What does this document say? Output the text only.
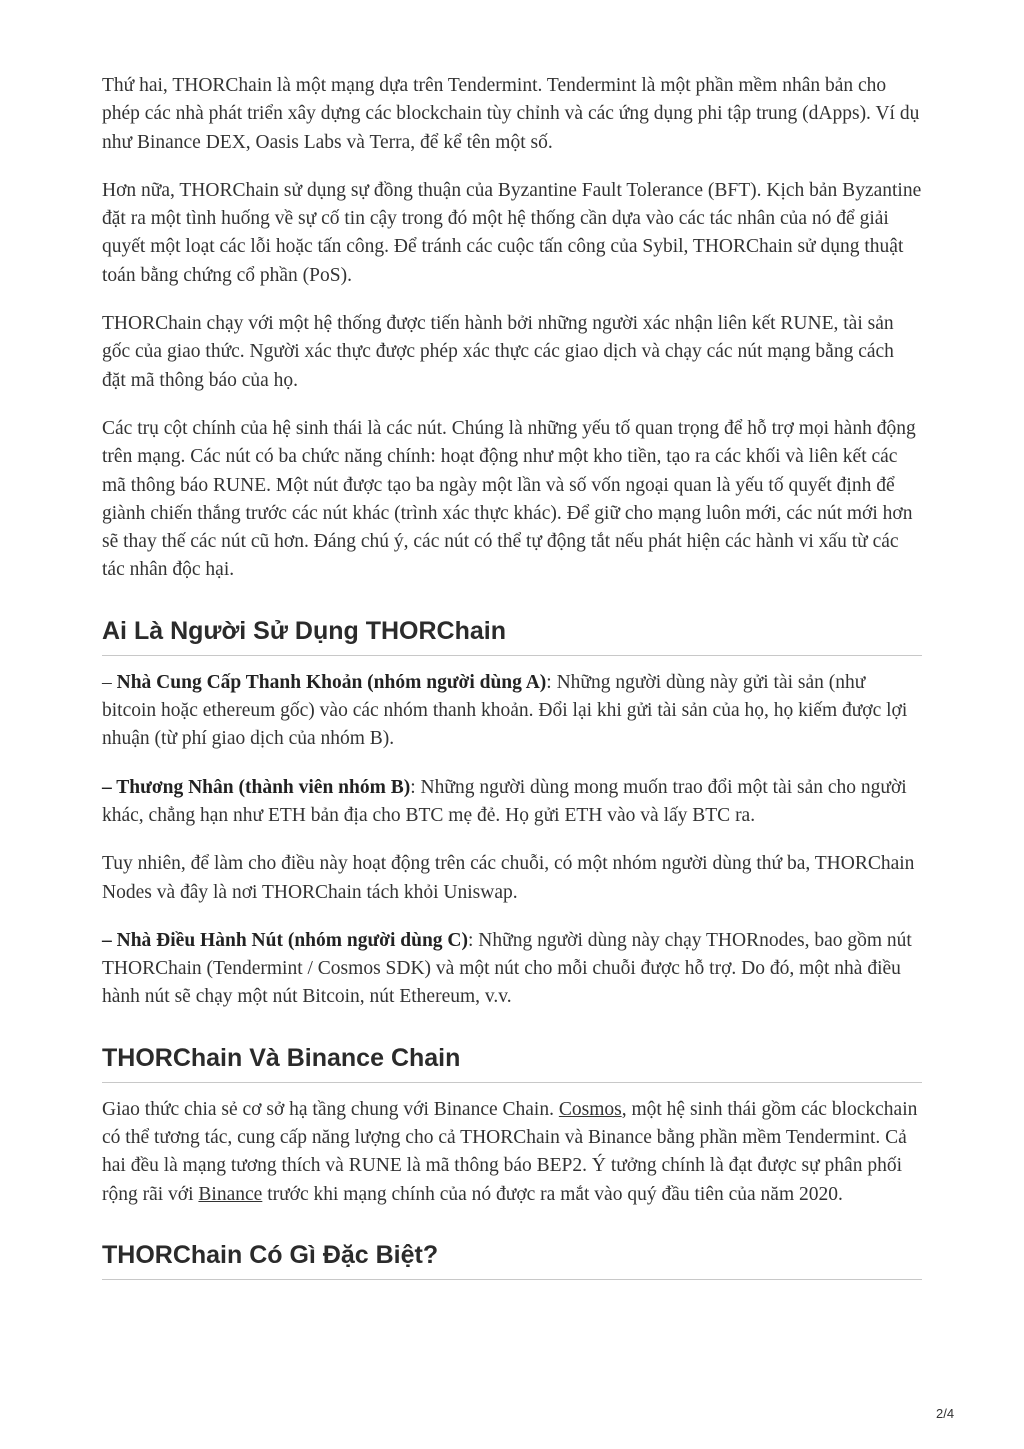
Thứ hai, THORChain là một mạng dựa trên Tendermint. Tendermint là một phần mềm nhân bản cho phép các nhà phát triển xây dựng các blockchain tùy chỉnh và các ứng dụng phi tập trung (dApps). Ví dụ như Binance DEX, Oasis Labs và Terra, để kể tên một số.

Hơn nữa, THORChain sử dụng sự đồng thuận của Byzantine Fault Tolerance (BFT). Kịch bản Byzantine đặt ra một tình huống về sự cố tin cậy trong đó một hệ thống cần dựa vào các tác nhân của nó để giải quyết một loạt các lỗi hoặc tấn công. Để tránh các cuộc tấn công của Sybil, THORChain sử dụng thuật toán bằng chứng cổ phần (PoS).

THORChain chạy với một hệ thống được tiến hành bởi những người xác nhận liên kết RUNE, tài sản gốc của giao thức. Người xác thực được phép xác thực các giao dịch và chạy các nút mạng bằng cách đặt mã thông báo của họ.

Các trụ cột chính của hệ sinh thái là các nút. Chúng là những yếu tố quan trọng để hỗ trợ mọi hành động trên mạng. Các nút có ba chức năng chính: hoạt động như một kho tiền, tạo ra các khối và liên kết các mã thông báo RUNE. Một nút được tạo ba ngày một lần và số vốn ngoại quan là yếu tố quyết định để giành chiến thắng trước các nút khác (trình xác thực khác). Để giữ cho mạng luôn mới, các nút mới hơn sẽ thay thế các nút cũ hơn. Đáng chú ý, các nút có thể tự động tắt nếu phát hiện các hành vi xấu từ các tác nhân độc hại.

Ai Là Người Sử Dụng THORChain

– Nhà Cung Cấp Thanh Khoản (nhóm người dùng A): Những người dùng này gửi tài sản (như bitcoin hoặc ethereum gốc) vào các nhóm thanh khoản. Đổi lại khi gửi tài sản của họ, họ kiếm được lợi nhuận (từ phí giao dịch của nhóm B).

– Thương Nhân (thành viên nhóm B): Những người dùng mong muốn trao đổi một tài sản cho người khác, chẳng hạn như ETH bản địa cho BTC mẹ đẻ. Họ gửi ETH vào và lấy BTC ra.

Tuy nhiên, để làm cho điều này hoạt động trên các chuỗi, có một nhóm người dùng thứ ba, THORChain Nodes và đây là nơi THORChain tách khỏi Uniswap.

– Nhà Điều Hành Nút (nhóm người dùng C): Những người dùng này chạy THORnodes, bao gồm nút THORChain (Tendermint / Cosmos SDK) và một nút cho mỗi chuỗi được hỗ trợ. Do đó, một nhà điều hành nút sẽ chạy một nút Bitcoin, nút Ethereum, v.v.

THORChain Và Binance Chain

Giao thức chia sẻ cơ sở hạ tầng chung với Binance Chain. Cosmos, một hệ sinh thái gồm các blockchain có thể tương tác, cung cấp năng lượng cho cả THORChain và Binance bằng phần mềm Tendermint. Cả hai đều là mạng tương thích và RUNE là mã thông báo BEP2. Ý tưởng chính là đạt được sự phân phối rộng rãi với Binance trước khi mạng chính của nó được ra mắt vào quý đầu tiên của năm 2020.

THORChain Có Gì Đặc Biệt?
2/4
